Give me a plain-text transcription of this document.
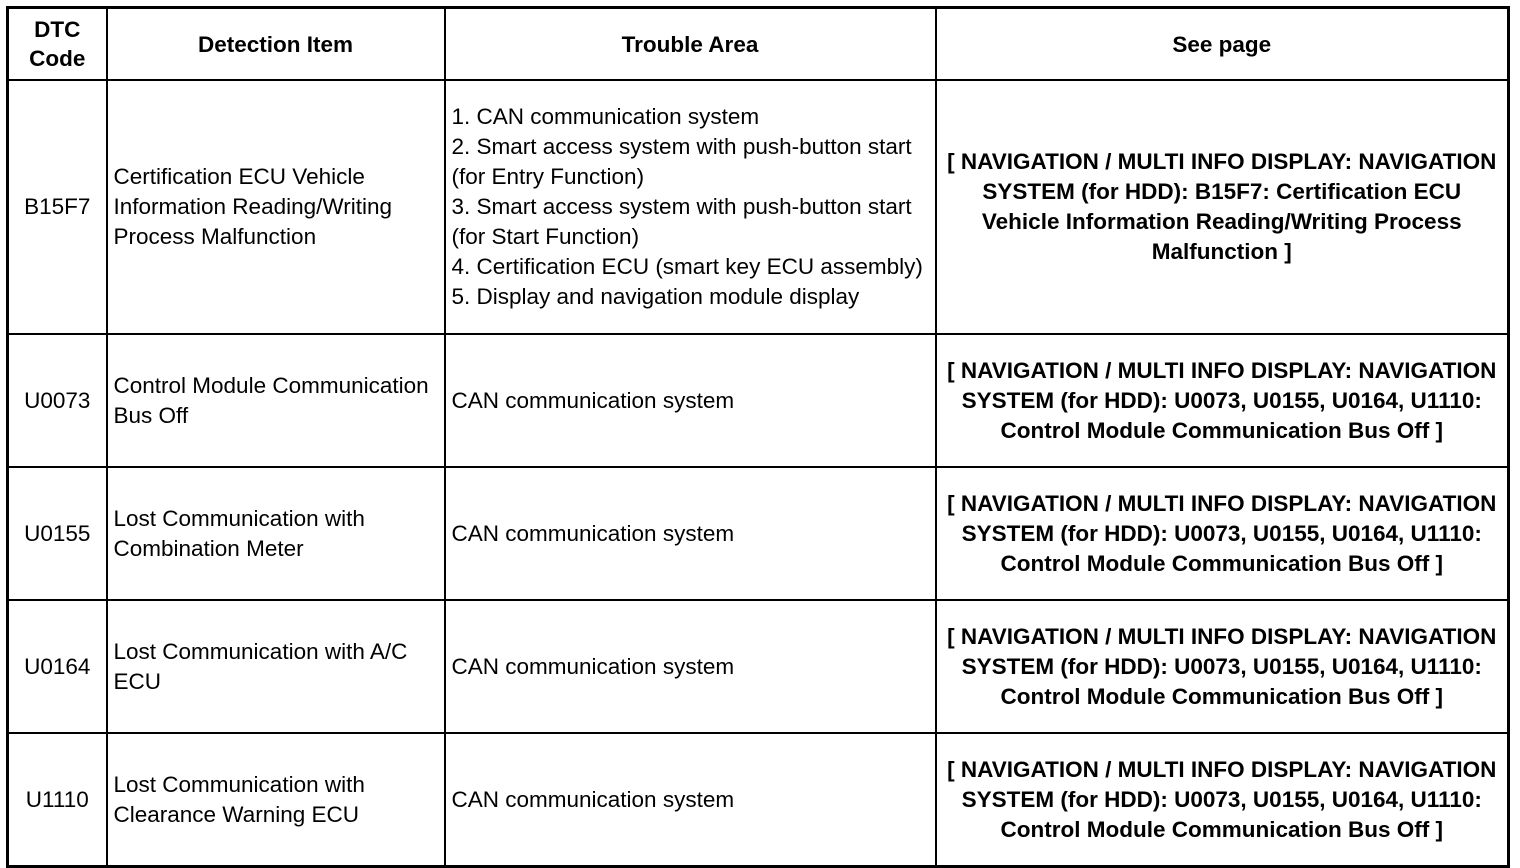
DTC Code	Detection Item	Trouble Area	See page
B15F7	Certification ECU Vehicle Information Reading/Writing Process Malfunction	1. CAN communication system
2. Smart access system with push-button start (for Entry Function)
3. Smart access system with push-button start (for Start Function)
4. Certification ECU (smart key ECU assembly)
5. Display and navigation module display	[ NAVIGATION / MULTI INFO DISPLAY: NAVIGATION SYSTEM (for HDD): B15F7: Certification ECU Vehicle Information Reading/Writing Process Malfunction ]
U0073	Control Module Communication Bus Off	CAN communication system	[ NAVIGATION / MULTI INFO DISPLAY: NAVIGATION SYSTEM (for HDD): U0073, U0155, U0164, U1110: Control Module Communication Bus Off ]
U0155	Lost Communication with Combination Meter	CAN communication system	[ NAVIGATION / MULTI INFO DISPLAY: NAVIGATION SYSTEM (for HDD): U0073, U0155, U0164, U1110: Control Module Communication Bus Off ]
U0164	Lost Communication with A/C ECU	CAN communication system	[ NAVIGATION / MULTI INFO DISPLAY: NAVIGATION SYSTEM (for HDD): U0073, U0155, U0164, U1110: Control Module Communication Bus Off ]
U1110	Lost Communication with Clearance Warning ECU	CAN communication system	[ NAVIGATION / MULTI INFO DISPLAY: NAVIGATION SYSTEM (for HDD): U0073, U0155, U0164, U1110: Control Module Communication Bus Off ]
